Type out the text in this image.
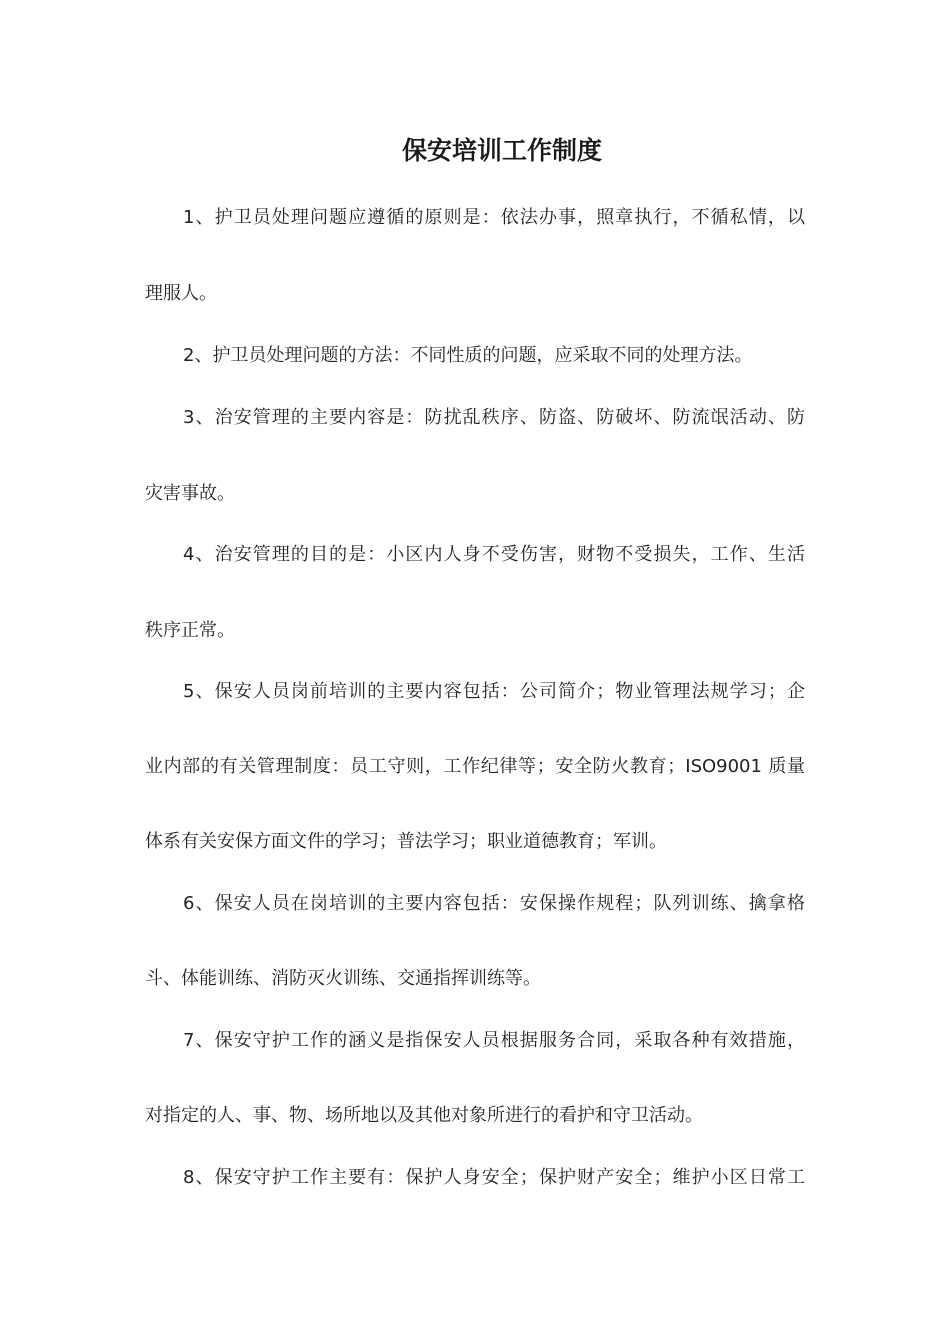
保安培训工作制度
1、护卫员处理问题应遵循的原则是：依法办事，照章执行，不循私情，以
理服人。
2、护卫员处理问题的方法：不同性质的问题，应采取不同的处理方法。
3、治安管理的主要内容是：防扰乱秩序、防盗、防破坏、防流氓活动、防
灾害事故。
4、治安管理的目的是：小区内人身不受伤害，财物不受损失，工作、生活
秩序正常。
5、保安人员岗前培训的主要内容包括：公司简介；物业管理法规学习；企
业内部的有关管理制度：员工守则，工作纪律等；安全防火教育；ISO9001 质量
体系有关安保方面文件的学习；普法学习；职业道德教育；军训。
6、保安人员在岗培训的主要内容包括：安保操作规程；队列训练、擒拿格
斗、体能训练、消防灭火训练、交通指挥训练等。
7、保安守护工作的涵义是指保安人员根据服务合同，采取各种有效措施，
对指定的人、事、物、场所地以及其他对象所进行的看护和守卫活动。
8、保安守护工作主要有：保护人身安全；保护财产安全；维护小区日常工
